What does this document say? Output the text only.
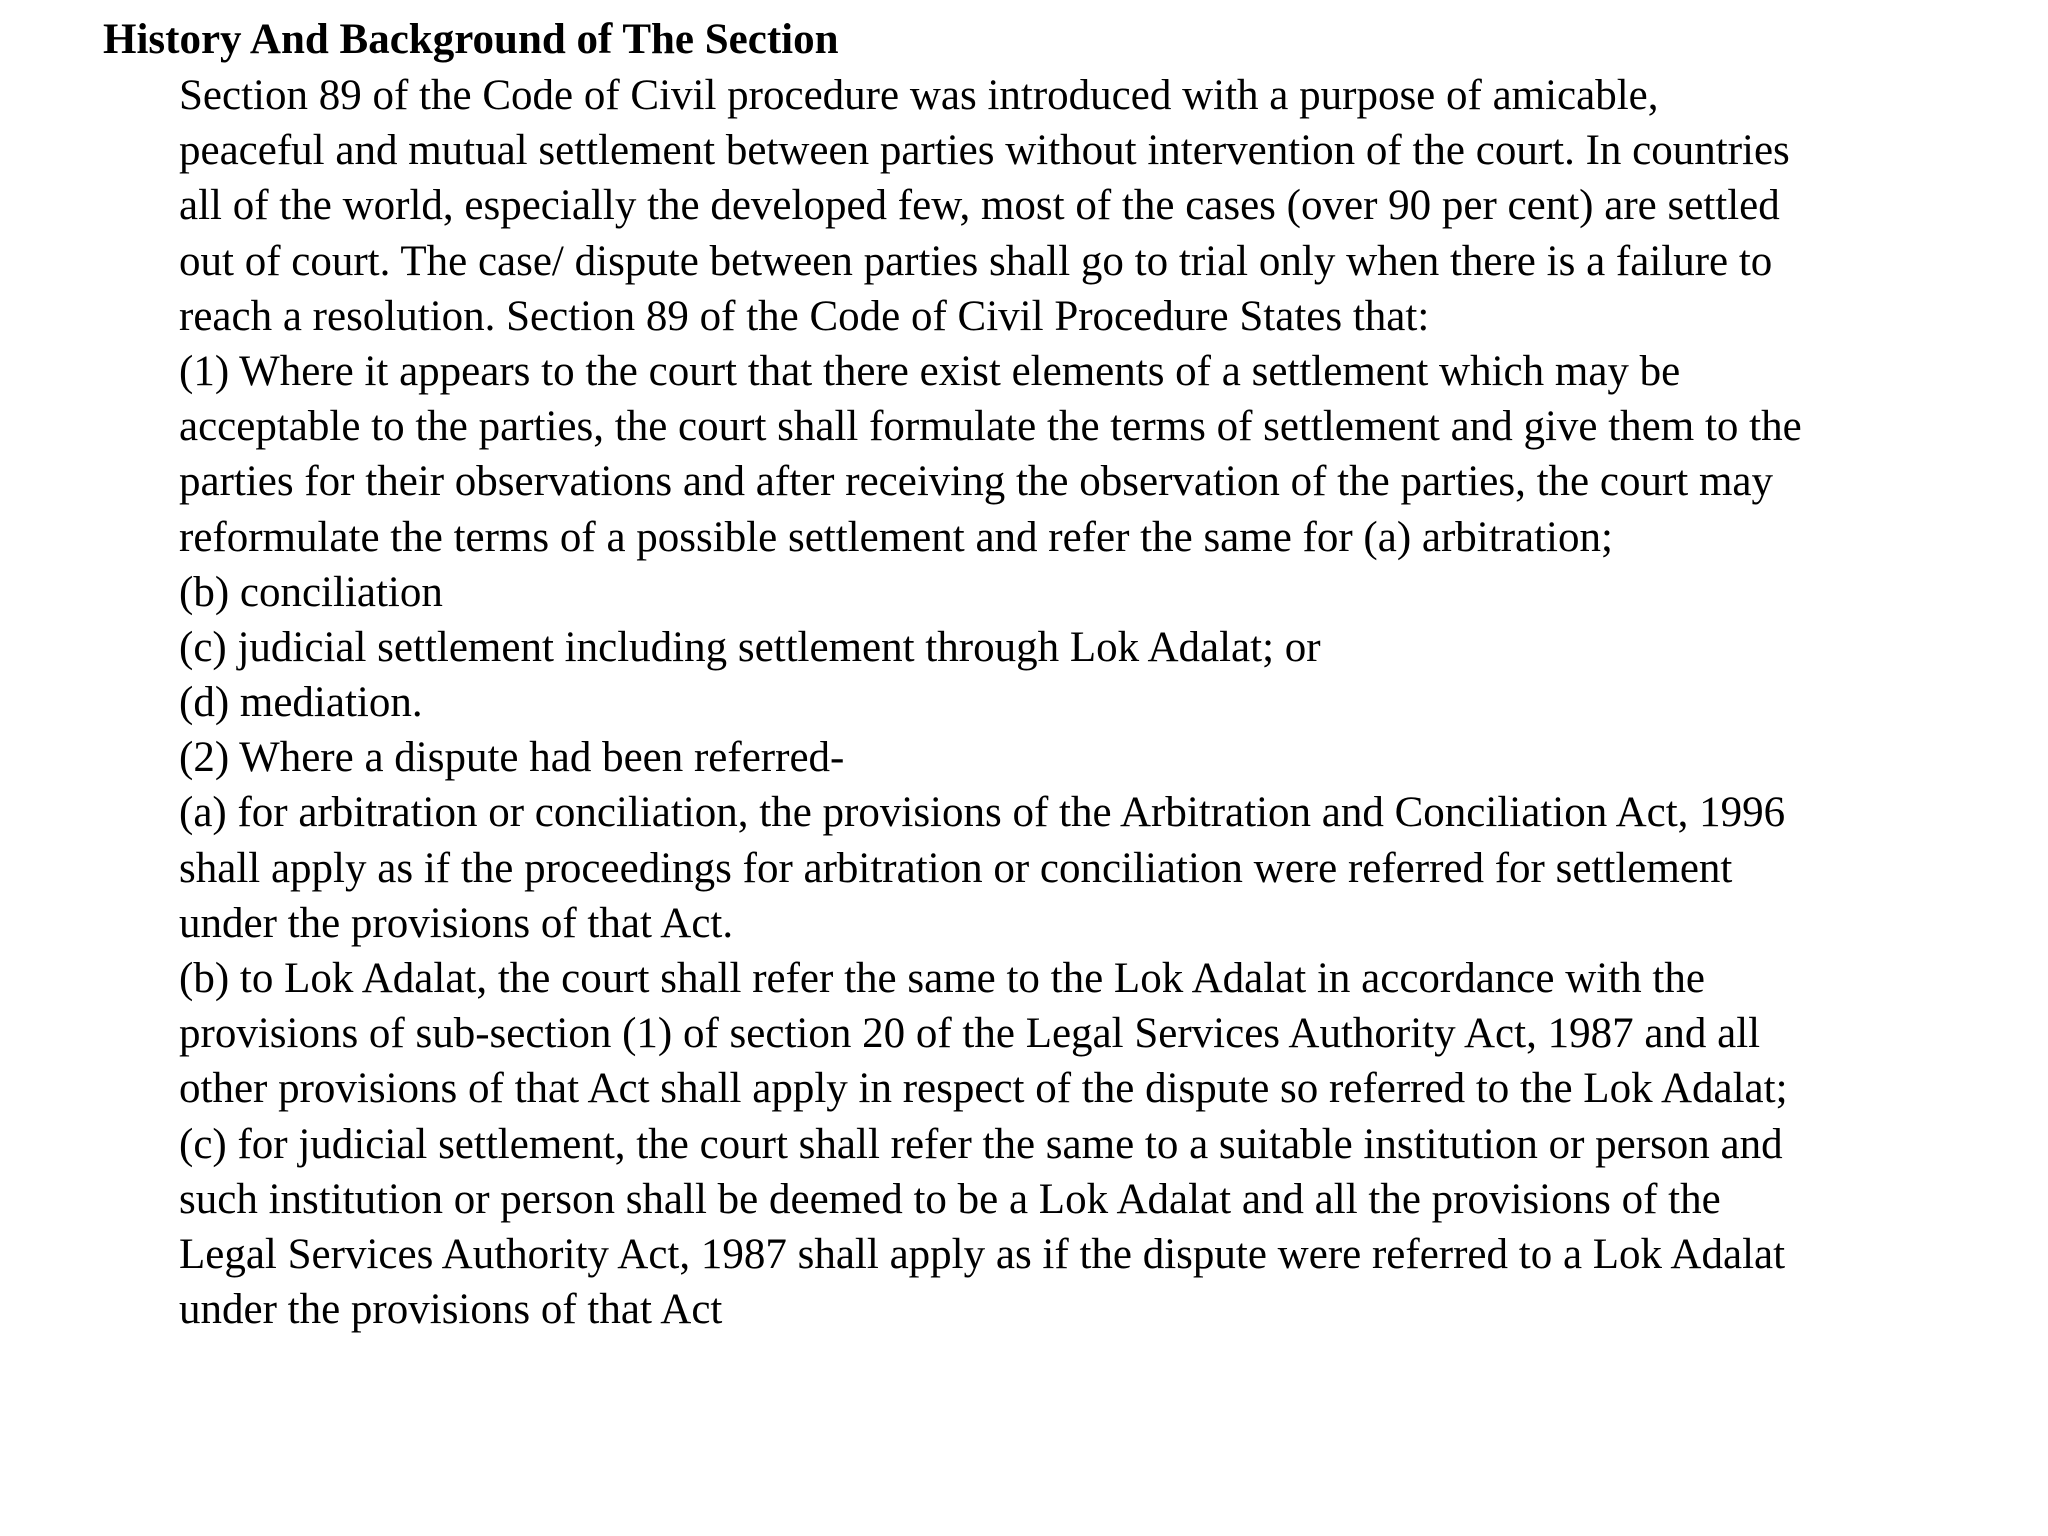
History And Background of The Section
Section 89 of the Code of Civil procedure was introduced with a purpose of amicable,
peaceful and mutual settlement between parties without intervention of the court. In countries
all of the world, especially the developed few, most of the cases (over 90 per cent) are settled
out of court. The case/ dispute between parties shall go to trial only when there is a failure to
reach a resolution. Section 89 of the Code of Civil Procedure States that:
(1) Where it appears to the court that there exist elements of a settlement which may be
acceptable to the parties, the court shall formulate the terms of settlement and give them to the
parties for their observations and after receiving the observation of the parties, the court may
reformulate the terms of a possible settlement and refer the same for (a) arbitration;
(b) conciliation
(c) judicial settlement including settlement through Lok Adalat; or
(d) mediation.
(2) Where a dispute had been referred-
(a) for arbitration or conciliation, the provisions of the Arbitration and Conciliation Act, 1996
shall apply as if the proceedings for arbitration or conciliation were referred for settlement
under the provisions of that Act.
(b) to Lok Adalat, the court shall refer the same to the Lok Adalat in accordance with the
provisions of sub-section (1) of section 20 of the Legal Services Authority Act, 1987 and all
other provisions of that Act shall apply in respect of the dispute so referred to the Lok Adalat;
(c) for judicial settlement, the court shall refer the same to a suitable institution or person and
such institution or person shall be deemed to be a Lok Adalat and all the provisions of the
Legal Services Authority Act, 1987 shall apply as if the dispute were referred to a Lok Adalat
under the provisions of that Act
